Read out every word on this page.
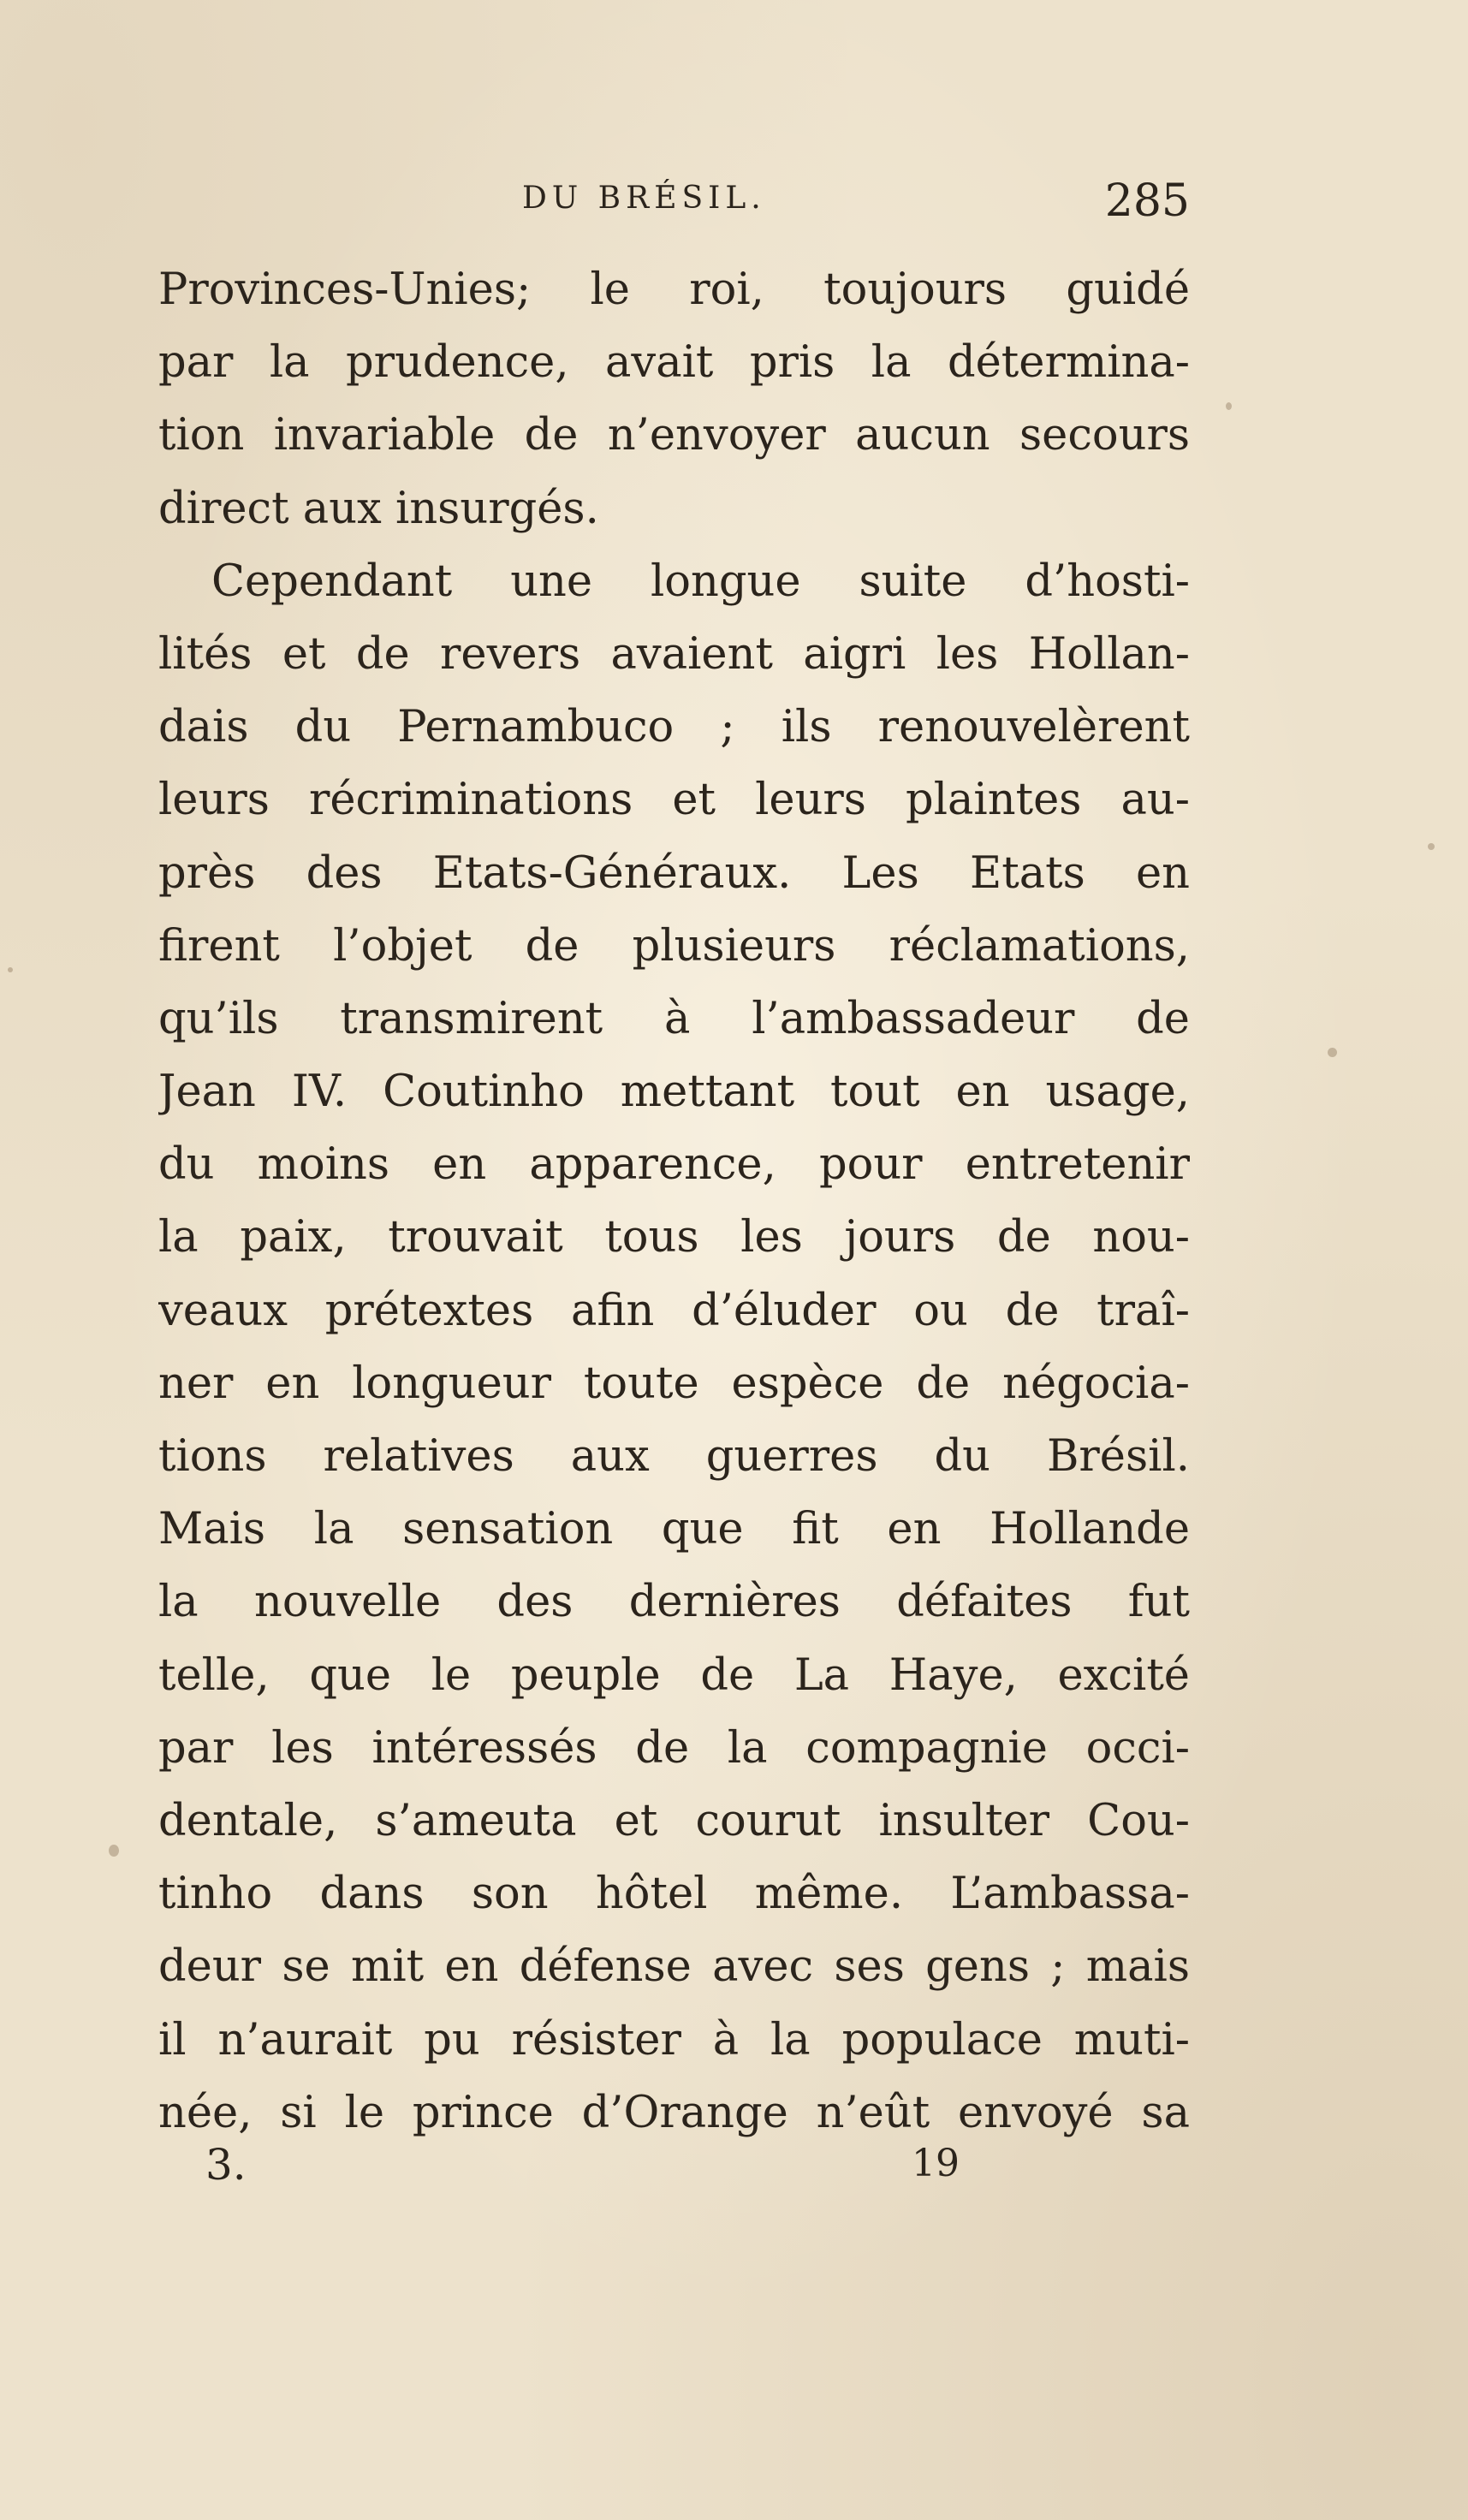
DU BRÉSIL.	285
Provinces-Unies; le roi, toujours guidé
par la prudence, avait pris la détermina-
tion invariable de n’envoyer aucun secours
direct aux insurgés.
Cependant une longue suite d’hosti-
lités et de revers avaient aigri les Hollan-
dais du Pernambuco ; ils renouvelèrent
leurs récriminations et leurs plaintes au-
près des Etats-Généraux. Les Etats en
firent l’objet de plusieurs réclamations,
qu’ils transmirent à l’ambassadeur de
Jean IV. Coutinho mettant tout en usage,
du moins en apparence, pour entretenir
la paix, trouvait tous les jours de nou-
veaux prétextes afin d’éluder ou de traî-
ner en longueur toute espèce de négocia-
tions relatives aux guerres du Brésil.
Mais la sensation que fit en Hollande
la nouvelle des dernières défaites fut
telle, que le peuple de La Haye, excité
par les intéressés de la compagnie occi-
dentale, s’ameuta et courut insulter Cou-
tinho dans son hôtel même. L’ambassa-
deur se mit en défense avec ses gens ; mais
il n’aurait pu résister à la populace muti-
née, si le prince d’Orange n’eût envoyé sa
3.	19
